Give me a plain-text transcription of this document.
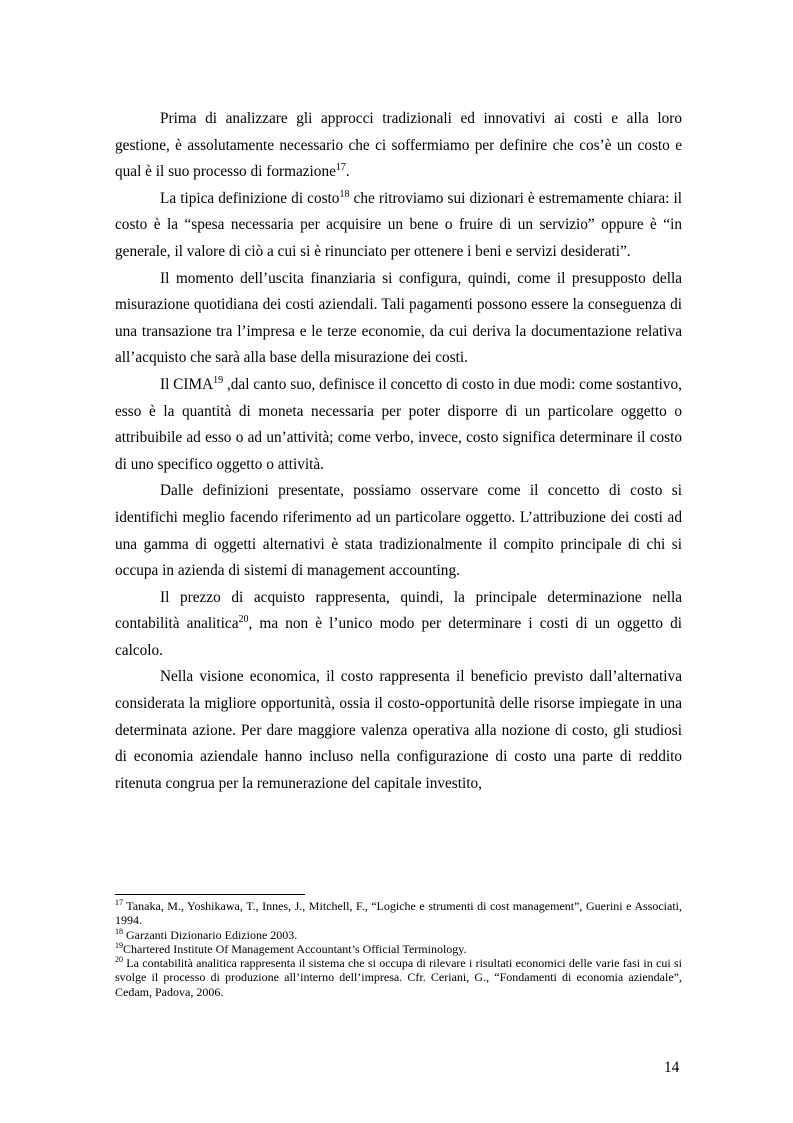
Prima di analizzare gli approcci tradizionali ed innovativi ai costi e alla loro gestione, è assolutamente necessario che ci soffermiamo per definire che cos’è un costo e qual è il suo processo di formazione$^{17}$.

La tipica definizione di costo$^{18}$ che ritroviamo sui dizionari è estremamente chiara: il costo è la “spesa necessaria per acquisire un bene o fruire di un servizio” oppure è “in generale, il valore di ciò a cui si è rinunciato per ottenere i beni e servizi desiderati”.

Il momento dell’uscita finanziaria si configura, quindi, come il presupposto della misurazione quotidiana dei costi aziendali. Tali pagamenti possono essere la conseguenza di una transazione tra l’impresa e le terze economie, da cui deriva la documentazione relativa all’acquisto che sarà alla base della misurazione dei costi.

Il CIMA$^{19}$ ,dal canto suo, definisce il concetto di costo in due modi: come sostantivo, esso è la quantità di moneta necessaria per poter disporre di un particolare oggetto o attribuibile ad esso o ad un’attività; come verbo, invece, costo significa determinare il costo di uno specifico oggetto o attività.

Dalle definizioni presentate, possiamo osservare come il concetto di costo si identifichi meglio facendo riferimento ad un particolare oggetto. L’attribuzione dei costi ad una gamma di oggetti alternativi è stata tradizionalmente il compito principale di chi si occupa in azienda di sistemi di management accounting.

Il prezzo di acquisto rappresenta, quindi, la principale determinazione nella contabilità analitica$^{20}$, ma non è l’unico modo per determinare i costi di un oggetto di calcolo.

Nella visione economica, il costo rappresenta il beneficio previsto dall’alternativa considerata la migliore opportunità, ossia il costo-opportunità delle risorse impiegate in una determinata azione. Per dare maggiore valenza operativa alla nozione di costo, gli studiosi di economia aziendale hanno incluso nella configurazione di costo una parte di reddito ritenuta congrua per la remunerazione del capitale investito,

$^{17}$ Tanaka, M., Yoshikawa, T., Innes, J., Mitchell, F., “Logiche e strumenti di cost management”, Guerini e Associati, 1994.

$^{18}$ Garzanti Dizionario Edizione 2003.

$^{19}$Chartered Institute Of Management Accountant’s Official Terminology.

$^{20}$ La contabilità analitica rappresenta il sistema che si occupa di rilevare i risultati economici delle varie fasi in cui si svolge il processo di produzione all’interno dell’impresa. Cfr. Ceriani, G., “Fondamenti di economia aziendale”, Cedam, Padova, 2006.

14
